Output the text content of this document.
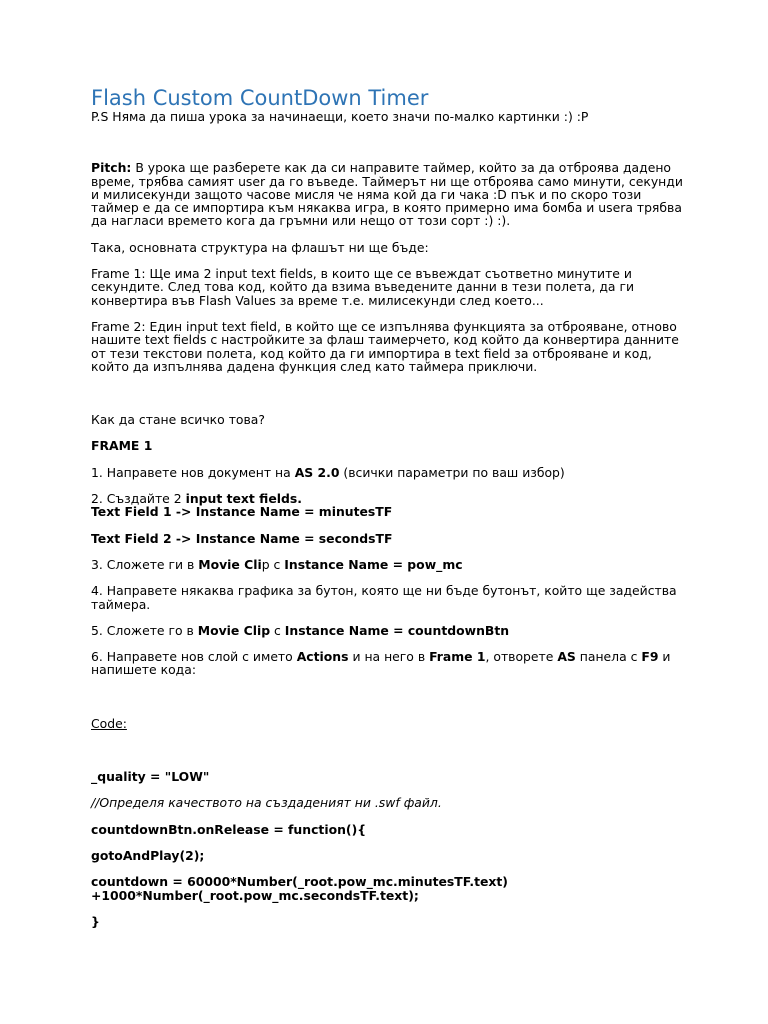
Flash Custom CountDown Timer

P.S Няма да пиша урока за начинаещи, което значи по-малко картинки :) :P

Pitch: В урока ще разберете как да си направите таймер, който за да отброява дадено време, трябва самият user да го въведе. Таймерът ни ще отброява само минути, секунди и милисекунди защото часове мисля че няма кой да ги чака :D пък и по скоро този таймер е да се импортира към някаква игра, в която примерно има бомба и usera трябва да нагласи времето кога да гръмни или нещо от този сорт :) :).

Така, основната структура на флашът ни ще бъде:

Frame 1: Ще има 2 input text fields, в които ще се въвеждат съответно минутите и секундите. След това код, който да взима въведените данни в тези полета, да ги конвертира във Flash Values за време т.е. милисекунди след което...

Frame 2: Един input text field, в който ще се изпълнява функцията за отброяване, отново нашите text fields с настройките за флаш таимерчето, код който да конвертира данните от тези текстови полета, код който да ги импортира в text field за отброяване и код, който да изпълнява дадена функция след като таймера приключи.

Как да стане всичко това?

FRAME 1

1. Направете нов документ на AS 2.0 (всички параметри по ваш избор)

2. Създайте 2 input text fields.
Text Field 1 -> Instance Name = minutesTF

Text Field 2 -> Instance Name = secondsTF

3. Сложете ги в Movie Clip с Instance Name = pow_mc

4. Направете някаква графика за бутон, която ще ни бъде бутонът, който ще задейства таймера.

5. Сложете го в Movie Clip с Instance Name = countdownBtn

6. Направете нов слой с името Actions и на него в Frame 1, отворете AS панела с F9 и напишете кода:

Code:

_quality = "LOW"

//Определя качеството на създаденият ни .swf файл.

countdownBtn.onRelease = function(){

gotoAndPlay(2);

countdown = 60000*Number(_root.pow_mc.minutesTF.text)
+1000*Number(_root.pow_mc.secondsTF.text);

}
